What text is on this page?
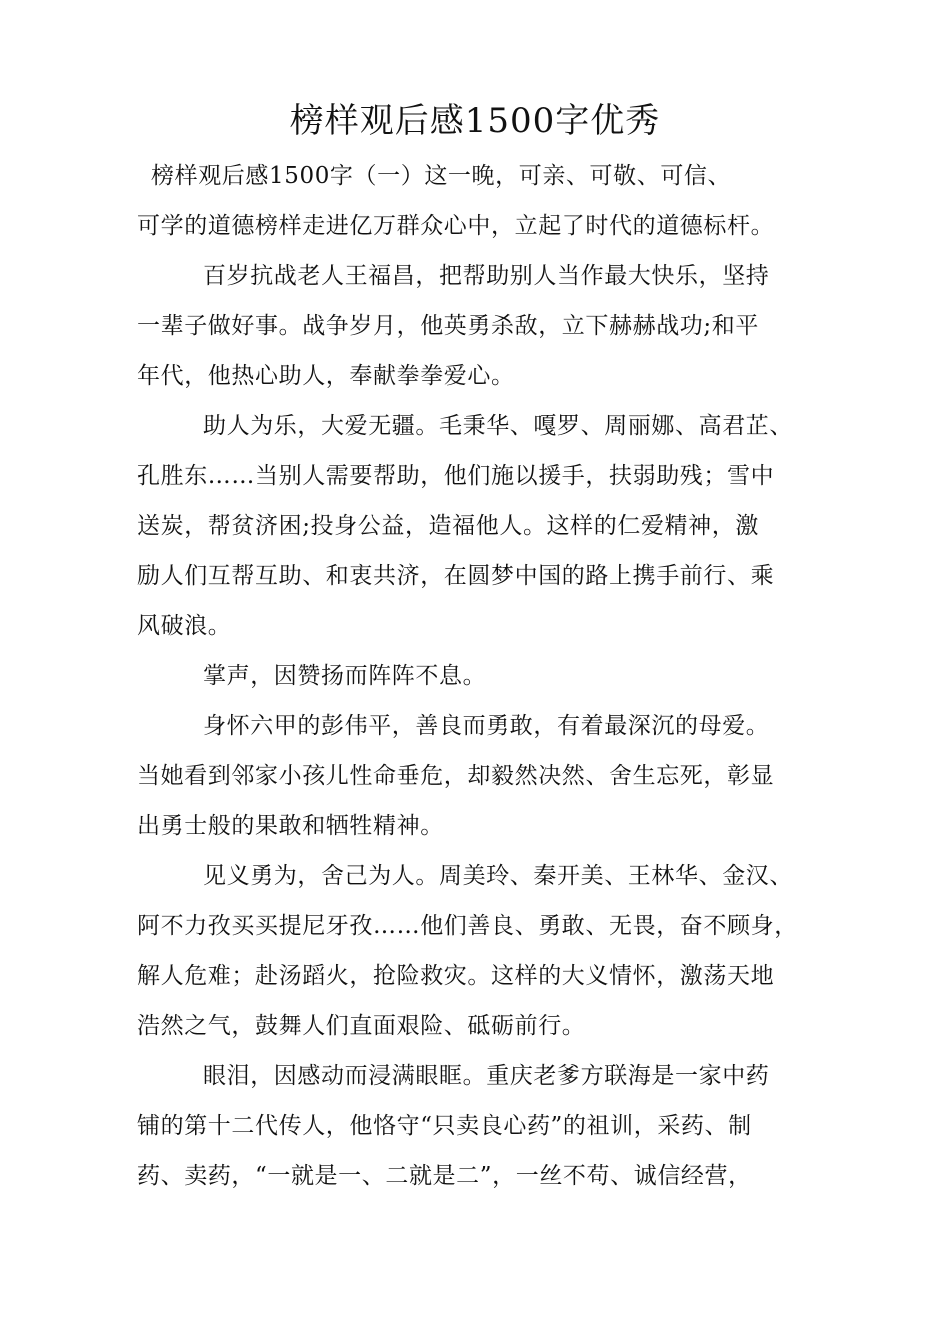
榜样观后感1500字优秀
榜样观后感1500字（一）这一晚，可亲、可敬、可信、
可学的道德榜样走进亿万群众心中，立起了时代的道德标杆。
百岁抗战老人王福昌，把帮助别人当作最大快乐，坚持
一辈子做好事。战争岁月，他英勇杀敌，立下赫赫战功;和平
年代，他热心助人，奉献拳拳爱心。
助人为乐，大爱无疆。毛秉华、嘎罗、周丽娜、高君芷、
孔胜东……当别人需要帮助，他们施以援手，扶弱助残；雪中
送炭，帮贫济困;投身公益，造福他人。这样的仁爱精神，激
励人们互帮互助、和衷共济，在圆梦中国的路上携手前行、乘
风破浪。
掌声，因赞扬而阵阵不息。
身怀六甲的彭伟平，善良而勇敢，有着最深沉的母爱。
当她看到邻家小孩儿性命垂危，却毅然决然、舍生忘死，彰显
出勇士般的果敢和牺牲精神。
见义勇为，舍己为人。周美玲、秦开美、王林华、金汉、
阿不力孜买买提尼牙孜……他们善良、勇敢、无畏，奋不顾身，
解人危难；赴汤蹈火，抢险救灾。这样的大义情怀，激荡天地
浩然之气，鼓舞人们直面艰险、砥砺前行。
眼泪，因感动而浸满眼眶。重庆老爹方联海是一家中药
铺的第十二代传人，他恪守“只卖良心药”的祖训，采药、制
药、卖药，“一就是一、二就是二”，一丝不苟、诚信经营，
